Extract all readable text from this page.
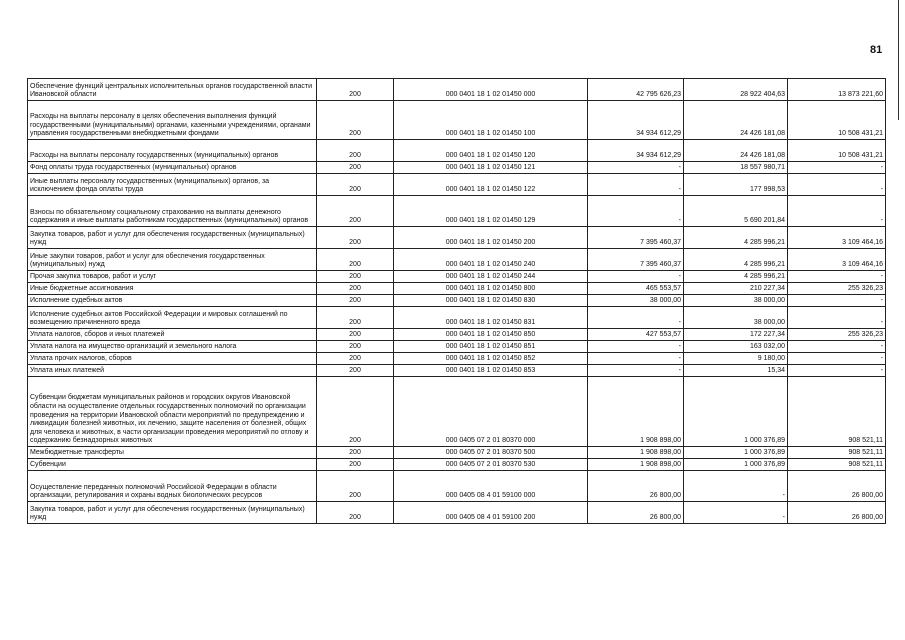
81
Обеспечение функций центральных исполнительных органов государственной власти Ивановской области	200	000 0401 18 1 02 01450 000	42 795 626,23	28 922 404,63	13 873 221,60
Расходы на выплаты персоналу в целях обеспечения выполнения функций государственными (муниципальными) органами, казенными учреждениями, органами управления государственными внебюджетными фондами	200	000 0401 18 1 02 01450 100	34 934 612,29	24 426 181,08	10 508 431,21
Расходы на выплаты персоналу государственных (муниципальных) органов	200	000 0401 18 1 02 01450 120	34 934 612,29	24 426 181,08	10 508 431,21
Фонд оплаты труда государственных (муниципальных) органов	200	000 0401 18 1 02 01450 121	-	18 557 980,71	-
Иные выплаты персоналу государственных (муниципальных) органов, за исключением фонда оплаты труда	200	000 0401 18 1 02 01450 122	-	177 998,53	-
Взносы по обязательному социальному страхованию на выплаты денежного содержания и иные выплаты работникам государственных (муниципальных) органов	200	000 0401 18 1 02 01450 129	-	5 690 201,84	-
Закупка товаров, работ и услуг для обеспечения государственных (муниципальных) нужд	200	000 0401 18 1 02 01450 200	7 395 460,37	4 285 996,21	3 109 464,16
Иные закупки товаров, работ и услуг для обеспечения государственных (муниципальных) нужд	200	000 0401 18 1 02 01450 240	7 395 460,37	4 285 996,21	3 109 464,16
Прочая закупка товаров, работ и услуг	200	000 0401 18 1 02 01450 244	-	4 285 996,21	-
Иные бюджетные ассигнования	200	000 0401 18 1 02 01450 800	465 553,57	210 227,34	255 326,23
Исполнение судебных актов	200	000 0401 18 1 02 01450 830	38 000,00	38 000,00	-
Исполнение судебных актов Российской Федерации и мировых соглашений по возмещению причиненного вреда	200	000 0401 18 1 02 01450 831	-	38 000,00	-
Уплата налогов, сборов и иных платежей	200	000 0401 18 1 02 01450 850	427 553,57	172 227,34	255 326,23
Уплата налога на имущество организаций и земельного налога	200	000 0401 18 1 02 01450 851	-	163 032,00	-
Уплата прочих налогов, сборов	200	000 0401 18 1 02 01450 852	-	9 180,00	-
Уплата иных платежей	200	000 0401 18 1 02 01450 853	-	15,34	-
Субвенции бюджетам муниципальных районов и городских округов Ивановской области на осуществление отдельных государственных полномочий по организации проведения на территории Ивановской области мероприятий по предупреждению и ликвидации болезней животных, их лечению, защите населения от болезней, общих для человека и животных, в части организации проведения мероприятий по отлову и содержанию безнадзорных животных	200	000 0405 07 2 01 80370 000	1 908 898,00	1 000 376,89	908 521,11
Межбюджетные трансферты	200	000 0405 07 2 01 80370 500	1 908 898,00	1 000 376,89	908 521,11
Субвенции	200	000 0405 07 2 01 80370 530	1 908 898,00	1 000 376,89	908 521,11
Осуществление переданных полномочий Российской Федерации в области организации, регулирования и охраны водных биологических ресурсов	200	000 0405 08 4 01 59100 000	26 800,00	-	26 800,00
Закупка товаров, работ и услуг для обеспечения государственных (муниципальных) нужд	200	000 0405 08 4 01 59100 200	26 800,00	-	26 800,00
